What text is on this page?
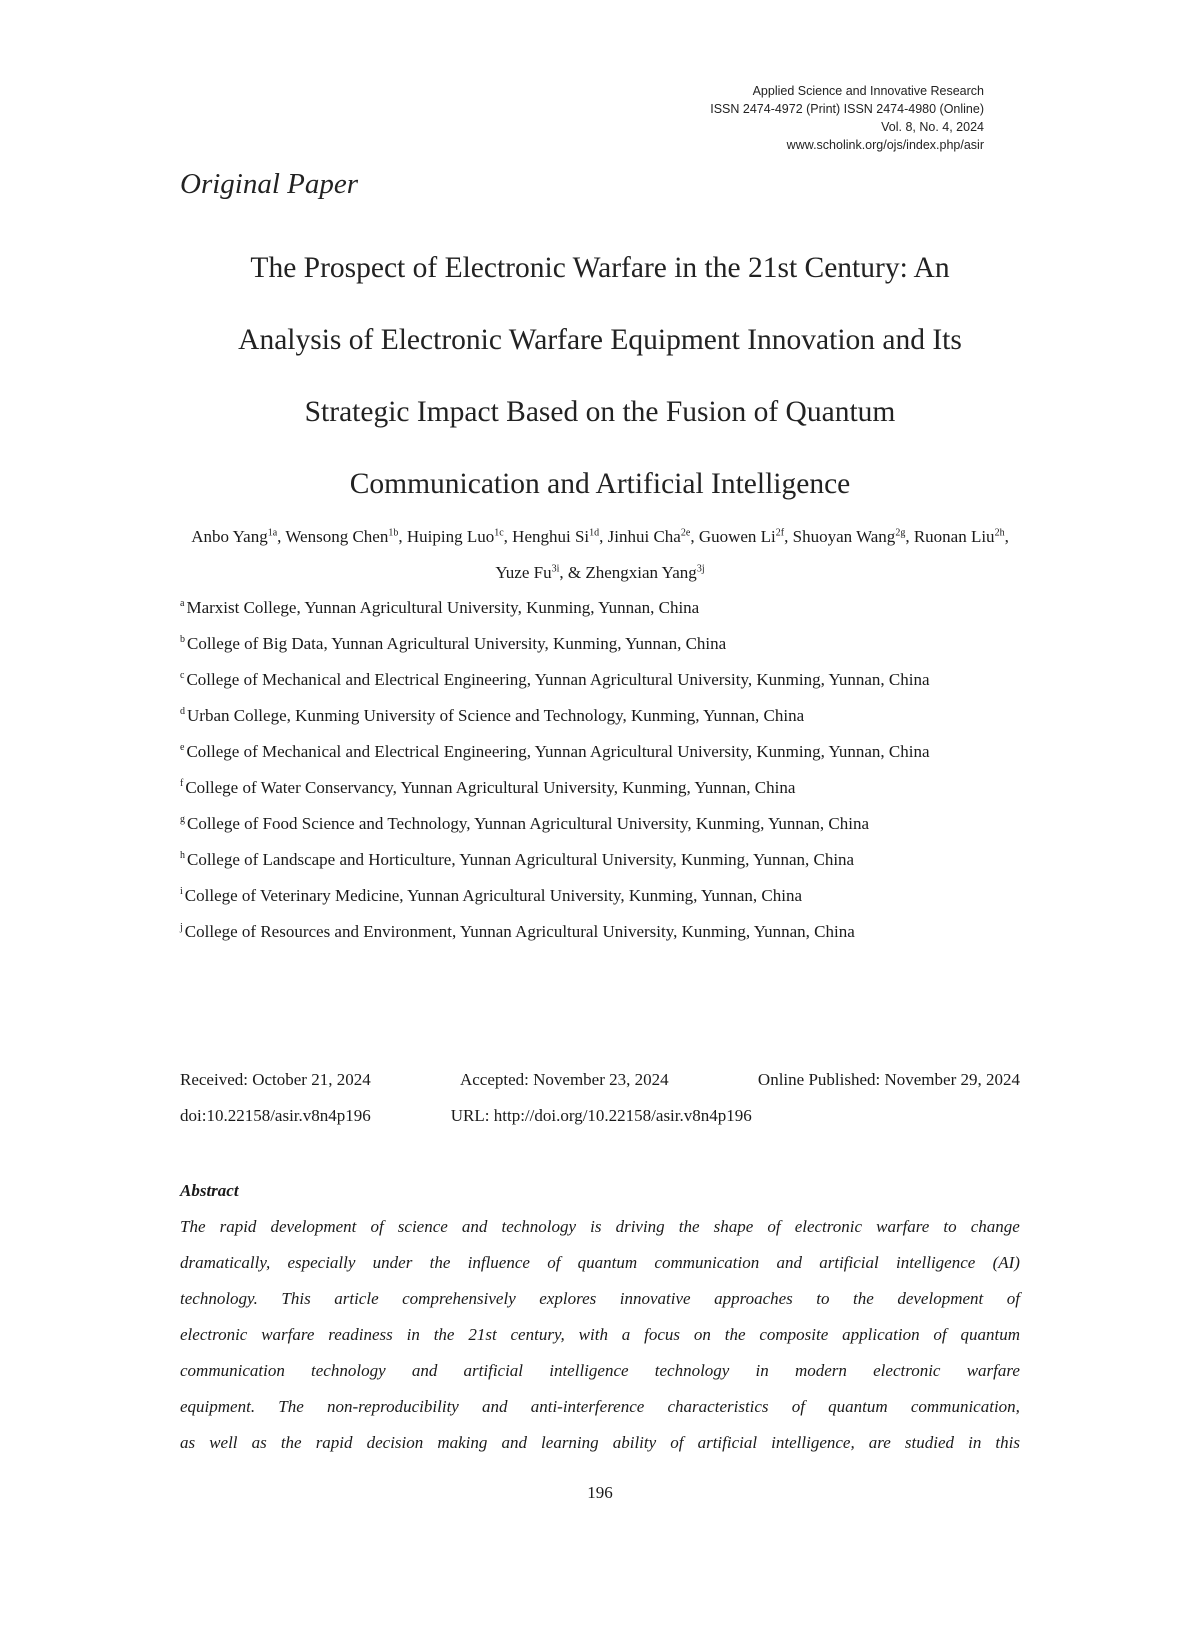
Applied Science and Innovative Research
ISSN 2474-4972 (Print) ISSN 2474-4980 (Online)
Vol. 8, No. 4, 2024
www.scholink.org/ojs/index.php/asir
Original Paper
The Prospect of Electronic Warfare in the 21st Century: An
Analysis of Electronic Warfare Equipment Innovation and Its
Strategic Impact Based on the Fusion of Quantum
Communication and Artificial Intelligence
Anbo Yang$^{1a}$, Wensong Chen$^{1b}$, Huiping Luo$^{1c}$, Henghui $Si^{1d}$, Jinhui Cha$^{2e}$, Guowen $Li^{2f}$, Shuoyan Wang$^{2g}$, Ruonan Liu$^{2h}$, Yuze $Fu^{3i}$, & Zhengxian Yang$^{3j}$
$^a$ Marxist College, Yunnan Agricultural University, Kunming, Yunnan, China
$^b$ College of Big Data, Yunnan Agricultural University, Kunming, Yunnan, China
$^c$ College of Mechanical and Electrical Engineering, Yunnan Agricultural University, Kunming, Yunnan, China
$^d$ Urban College, Kunming University of Science and Technology, Kunming, Yunnan, China
$^e$ College of Mechanical and Electrical Engineering, Yunnan Agricultural University, Kunming, Yunnan, China
$^f$ College of Water Conservancy, Yunnan Agricultural University, Kunming, Yunnan, China
$^g$ College of Food Science and Technology, Yunnan Agricultural University, Kunming, Yunnan, China
$^h$ College of Landscape and Horticulture, Yunnan Agricultural University, Kunming, Yunnan, China
$^i$ College of Veterinary Medicine, Yunnan Agricultural University, Kunming, Yunnan, China
$^j$ College of Resources and Environment, Yunnan Agricultural University, Kunming, Yunnan, China
Received: October 21, 2024	Accepted: November 23, 2024	Online Published: November 29, 2024
doi:10.22158/asir.v8n4p196	URL: http://doi.org/10.22158/asir.v8n4p196
Abstract
The rapid development of science and technology is driving the shape of electronic warfare to change
dramatically, especially under the influence of quantum communication and artificial intelligence (AI)
technology. This article comprehensively explores innovative approaches to the development of
electronic warfare readiness in the 21st century, with a focus on the composite application of quantum
communication technology and artificial intelligence technology in modern electronic warfare
equipment. The non-reproducibility and anti-interference characteristics of quantum communication,
as well as the rapid decision making and learning ability of artificial intelligence, are studied in this
196
